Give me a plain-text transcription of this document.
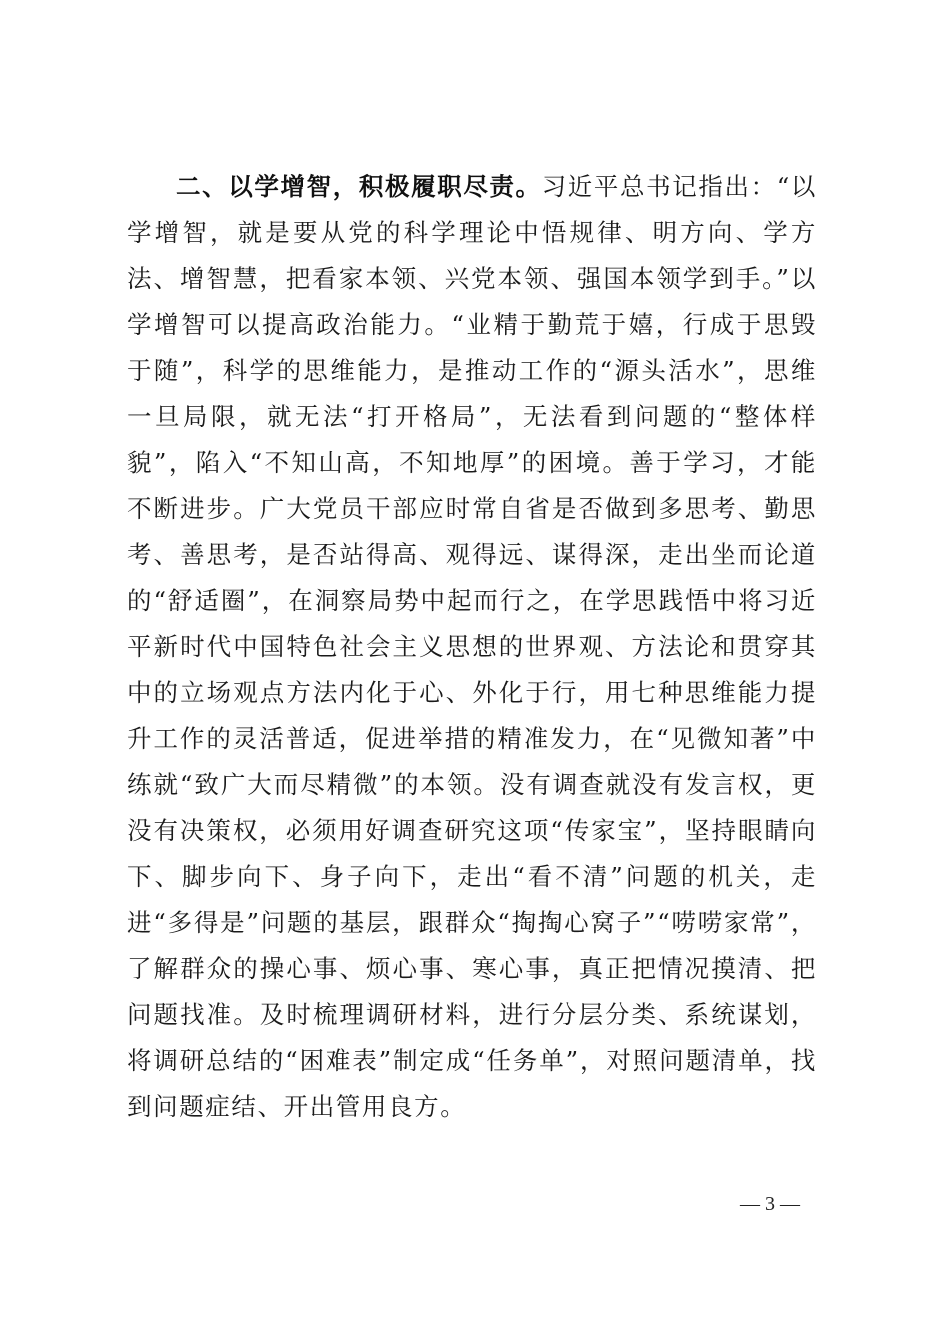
二、以学增智，积极履职尽责。习近平总书记指出：“以学增智，就是要从党的科学理论中悟规律、明方向、学方法、增智慧，把看家本领、兴党本领、强国本领学到手。”以学增智可以提高政治能力。“业精于勤荒于嬉，行成于思毁于随”，科学的思维能力，是推动工作的“源头活水”，思维一旦局限，就无法“打开格局”，无法看到问题的“整体样貌”，陷入“不知山高，不知地厚”的困境。善于学习，才能不断进步。广大党员干部应时常自省是否做到多思考、勤思考、善思考，是否站得高、观得远、谋得深，走出坐而论道的“舒适圈”，在洞察局势中起而行之，在学思践悟中将习近平新时代中国特色社会主义思想的世界观、方法论和贯穿其中的立场观点方法内化于心、外化于行，用七种思维能力提升工作的灵活普适，促进举措的精准发力，在“见微知著”中练就“致广大而尽精微”的本领。没有调查就没有发言权，更没有决策权，必须用好调查研究这项“传家宝”，坚持眼睛向下、脚步向下、身子向下，走出“看不清”问题的机关，走进“多得是”问题的基层，跟群众“掏掏心窝子”“唠唠家常”，了解群众的操心事、烦心事、寒心事，真正把情况摸清、把问题找准。及时梳理调研材料，进行分层分类、系统谋划，将调研总结的“困难表”制定成“任务单”，对照问题清单，找到问题症结、开出管用良方。

— 3 —
